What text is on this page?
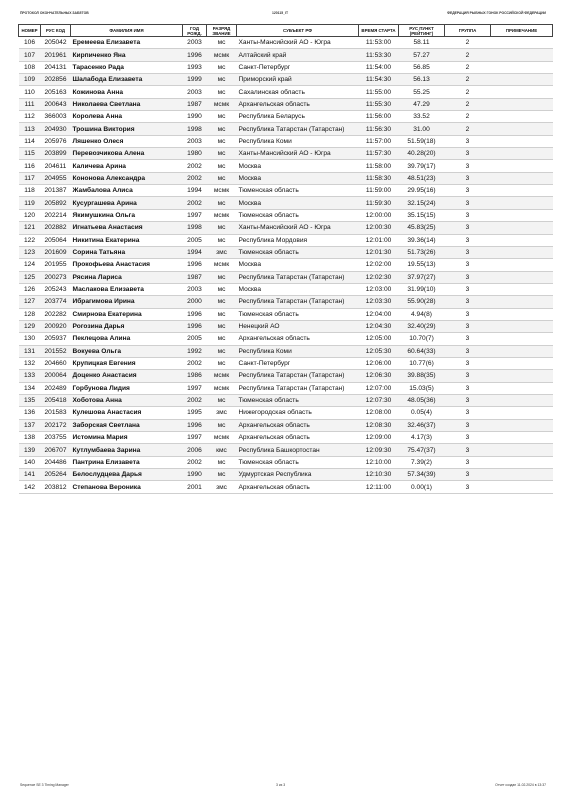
ПРОТОКОЛ ОКОНЧАТЕЛЬНЫХ ЗАБЕГОВ	120115_IT	ФЕДЕРАЦИЯ РЫБНЫХ ГОНОК РОССИЙСКОЙ ФЕДЕРАЦИИ
НОМЕР	РУС КОД	ФАМИЛИЯ ИМЯ	ГОД РОЖД.	РАЗРЯД ЗВАНИЕ	СУБЪЕКТ РФ	ВРЕМЯ СТАРТА	РУС ПУНКТ (РЕЙТИНГ)	ГРУППА	ПРИМЕЧАНИЕ
106	205042	Еремеева Елизавета	2003	мс	Ханты-Мансийский АО - Югра	11:53:00	58.11	2	
107	201961	Кирпиченко Яна	1996	мсмк	Алтайский край	11:53:30	57.27	2	
108	204131	Тарасенко Рада	1993	мс	Санкт-Петербург	11:54:00	56.85	2	
109	202856	Шалабода Елизавета	1999	мс	Приморский край	11:54:30	56.13	2	
110	205163	Кожинова Анна	2003	мс	Сахалинская область	11:55:00	55.25	2	
111	200643	Николаева Светлана	1987	мсмк	Архангельская область	11:55:30	47.29	2	
112	366003	Королева Анна	1990	мс	Республика Беларусь	11:56:00	33.52	2	
113	204930	Трошина Виктория	1998	мс	Республика Татарстан (Татарстан)	11:56:30	31.00	2	
114	205976	Ляшенко Олеся	2003	мс	Республика Коми	11:57:00	51.59(18)	3	
115	203899	Перевозчикова Алена	1980	мс	Ханты-Мансийский АО - Югра	11:57:30	40.28(20)	3	
116	204611	Каличева Арина	2002	мс	Москва	11:58:00	39.79(17)	3	
117	204955	Кононова Александра	2002	мс	Москва	11:58:30	48.51(23)	3	
118	201387	Жамбалова Алиса	1994	мсмк	Тюменская область	11:59:00	29.95(16)	3	
119	205892	Кусургашева Арина	2002	мс	Москва	11:59:30	32.15(24)	3	
120	202214	Якимушкина Ольга	1997	мсмк	Тюменская область	12:00:00	35.15(15)	3	
121	202882	Игнатьева Анастасия	1998	мс	Ханты-Мансийский АО - Югра	12:00:30	45.83(25)	3	
122	205064	Никитина Екатерина	2005	мс	Республика Мордовия	12:01:00	39.36(14)	3	
123	201609	Сорина Татьяна	1994	змс	Тюменская область	12:01:30	51.73(26)	3	
124	201955	Прокофьева Анастасия	1996	мсмк	Москва	12:02:00	19.55(13)	3	
125	200273	Рясина Лариса	1987	мс	Республика Татарстан (Татарстан)	12:02:30	37.97(27)	3	
126	205243	Маслакова Елизавета	2003	мс	Москва	12:03:00	31.99(10)	3	
127	203774	Ибрагимова Ирина	2000	мс	Республика Татарстан (Татарстан)	12:03:30	55.90(28)	3	
128	202282	Смирнова Екатерина	1996	мс	Тюменская область	12:04:00	4.94(8)	3	
129	200920	Рогозина Дарья	1996	мс	Ненецкий АО	12:04:30	32.40(29)	3	
130	205937	Пеклецова Алина	2005	мс	Архангельская область	12:05:00	10.70(7)	3	
131	201552	Вокуева Ольга	1992	мс	Республика Коми	12:05:30	60.64(33)	3	
132	204660	Крупицкая Евгения	2002	мс	Санкт-Петербург	12:06:00	10.77(6)	3	
133	200064	Доценко Анастасия	1986	мсмк	Республика Татарстан (Татарстан)	12:06:30	39.88(35)	3	
134	202489	Горбунова Лидия	1997	мсмк	Республика Татарстан (Татарстан)	12:07:00	15.03(5)	3	
135	205418	Хоботова Анна	2002	мс	Тюменская область	12:07:30	48.05(36)	3	
136	201583	Кулешова Анастасия	1995	змс	Нижегородская область	12:08:00	0.05(4)	3	
137	202172	Заборская Светлана	1996	мс	Архангельская область	12:08:30	32.46(37)	3	
138	203755	Истомина Мария	1997	мсмк	Архангельская область	12:09:00	4.17(3)	3	
139	206707	Кутлумбаева Зарина	2006	кмс	Республика Башкортостан	12:09:30	75.47(37)	3	
140	204486	Пантрина Елизавета	2002	мс	Тюменская область	12:10:00	7.39(2)	3	
141	205264	Белослудцева Дарья	1990	мс	Удмуртская Республика	12:10:30	57.34(39)	3	
142	203812	Степанова Вероника	2001	змс	Архангельская область	12:11:00	0.00(1)	3	
Sequence SE 3 Timing Manager	3 из 3	Отчет создан 11.02.2024 в 13:37
